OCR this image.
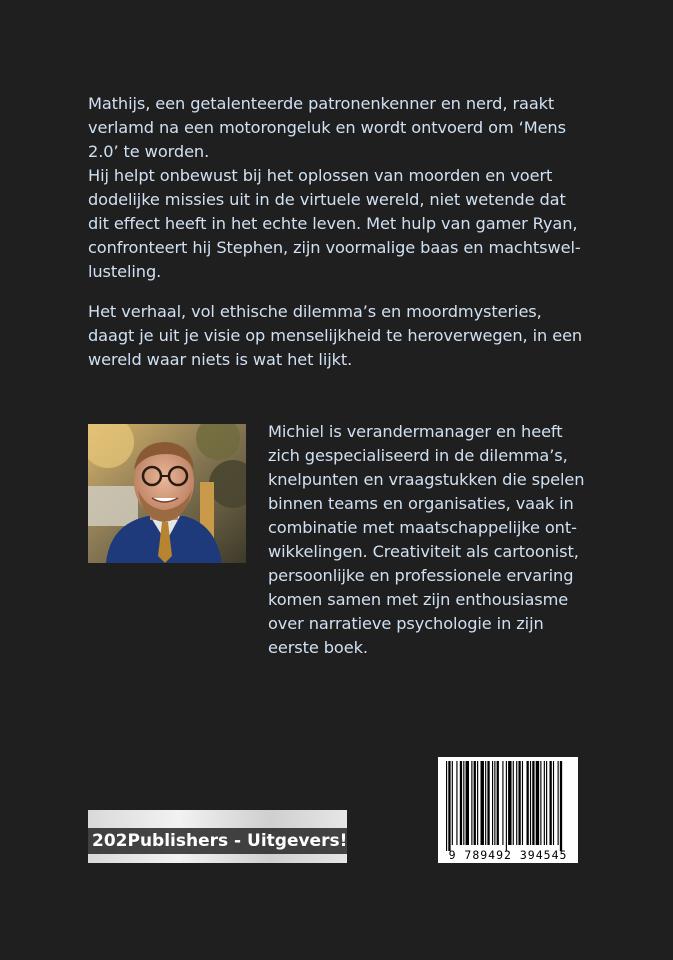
Mathijs, een getalenteerde patronenkenner en nerd, raakt verlamd na een motorongeluk en wordt ontvoerd om ‘Mens 2.0’ te worden.

Hij helpt onbewust bij het oplossen van moorden en voert dodelijke missies uit in de virtuele wereld, niet wetende dat dit effect heeft in het echte leven. Met hulp van gamer Ryan, confronteert hij Stephen, zijn voormalige baas en machtswel-lusteling.

Het verhaal, vol ethische dilemma’s en moordmysteries, daagt je uit je visie op menselijkheid te heroverwegen, in een wereld waar niets is wat het lijkt.

Michiel is verandermanager en heeft zich gespecialiseerd in de dilemma’s, knelpunten en vraagstukken die spelen binnen teams en organisaties, vaak in combinatie met maatschappelijke ont-wikkelingen. Creativiteit als cartoonist, persoonlijke en professionele ervaring komen samen met zijn enthousiasme over narratieve psychologie in zijn eerste boek.

202Publishers - Uitgevers!
9 789492 394545
